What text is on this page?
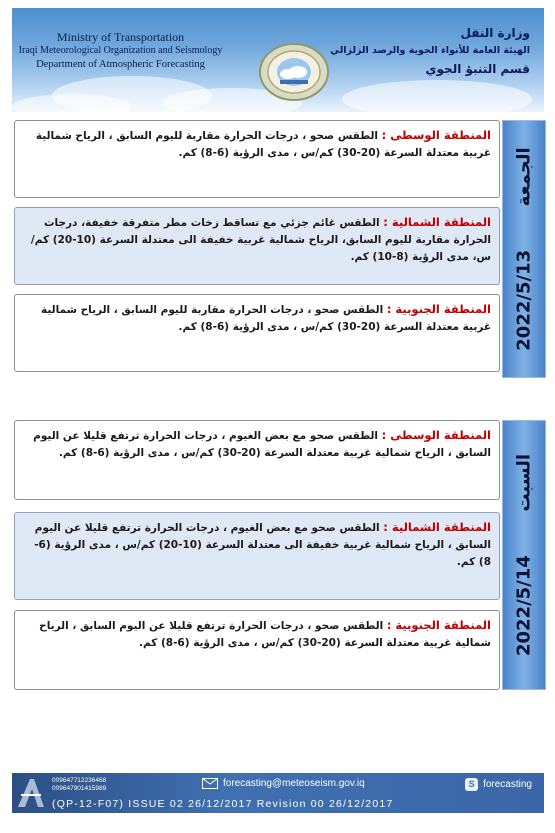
Ministry of Transportation
Iraqi Meteorological Organization and Seismology
Department of Atmospheric Forecasting
وزارة النقل
الهيئة العامة للأنواء الجوية والرصد الزلزالي
قسم التنبؤ الجوي
الجمعة 2022/5/13
المنطقة الوسطى : الطقس صحو ، درجات الحرارة مقاربة لليوم السابق ، الرياح شمالية غربية معتدلة السرعة (20-30) كم/س ، مدى الرؤية (6-8) كم.
المنطقة الشمالية : الطقس غائم جزئي مع تساقط زخات مطر متفرقة خفيفة، درجات الحرارة مقاربة لليوم السابق، الرياح شمالية غربية خفيفة الى معتدلة السرعة (10-20) كم/س، مدى الرؤية (8-10) كم.
المنطقة الجنوبية : الطقس صحو ، درجات الحرارة مقاربة لليوم السابق ، الرياح شمالية غربية معتدلة السرعة (20-30) كم/س ، مدى الرؤية (6-8) كم.
السبت 2022/5/14
المنطقة الوسطى : الطقس صحو مع بعض الغيوم ، درجات الحرارة ترتفع قليلا عن اليوم السابق ، الرياح شمالية غربية معتدلة السرعة (20-30) كم/س ، مدى الرؤية (6-8) كم.
المنطقة الشمالية : الطقس صحو مع بعض الغيوم ، درجات الحرارة ترتفع قليلا عن اليوم السابق ، الرياح شمالية غربية خفيفة الى معتدلة السرعة (10-20) كم/س ، مدى الرؤية (6-8) كم.
المنطقة الجنوبية : الطقس صحو ، درجات الحرارة ترتفع قليلا عن اليوم السابق ، الرياح شمالية غربية معتدلة السرعة (20-30) كم/س ، مدى الرؤية (6-8) كم.
009647712236468
009647901415989	forecasting@meteoseism.gov.iq	S forecasting
(QP-12-F07) ISSUE 02 26/12/2017 Revision 00 26/12/2017
